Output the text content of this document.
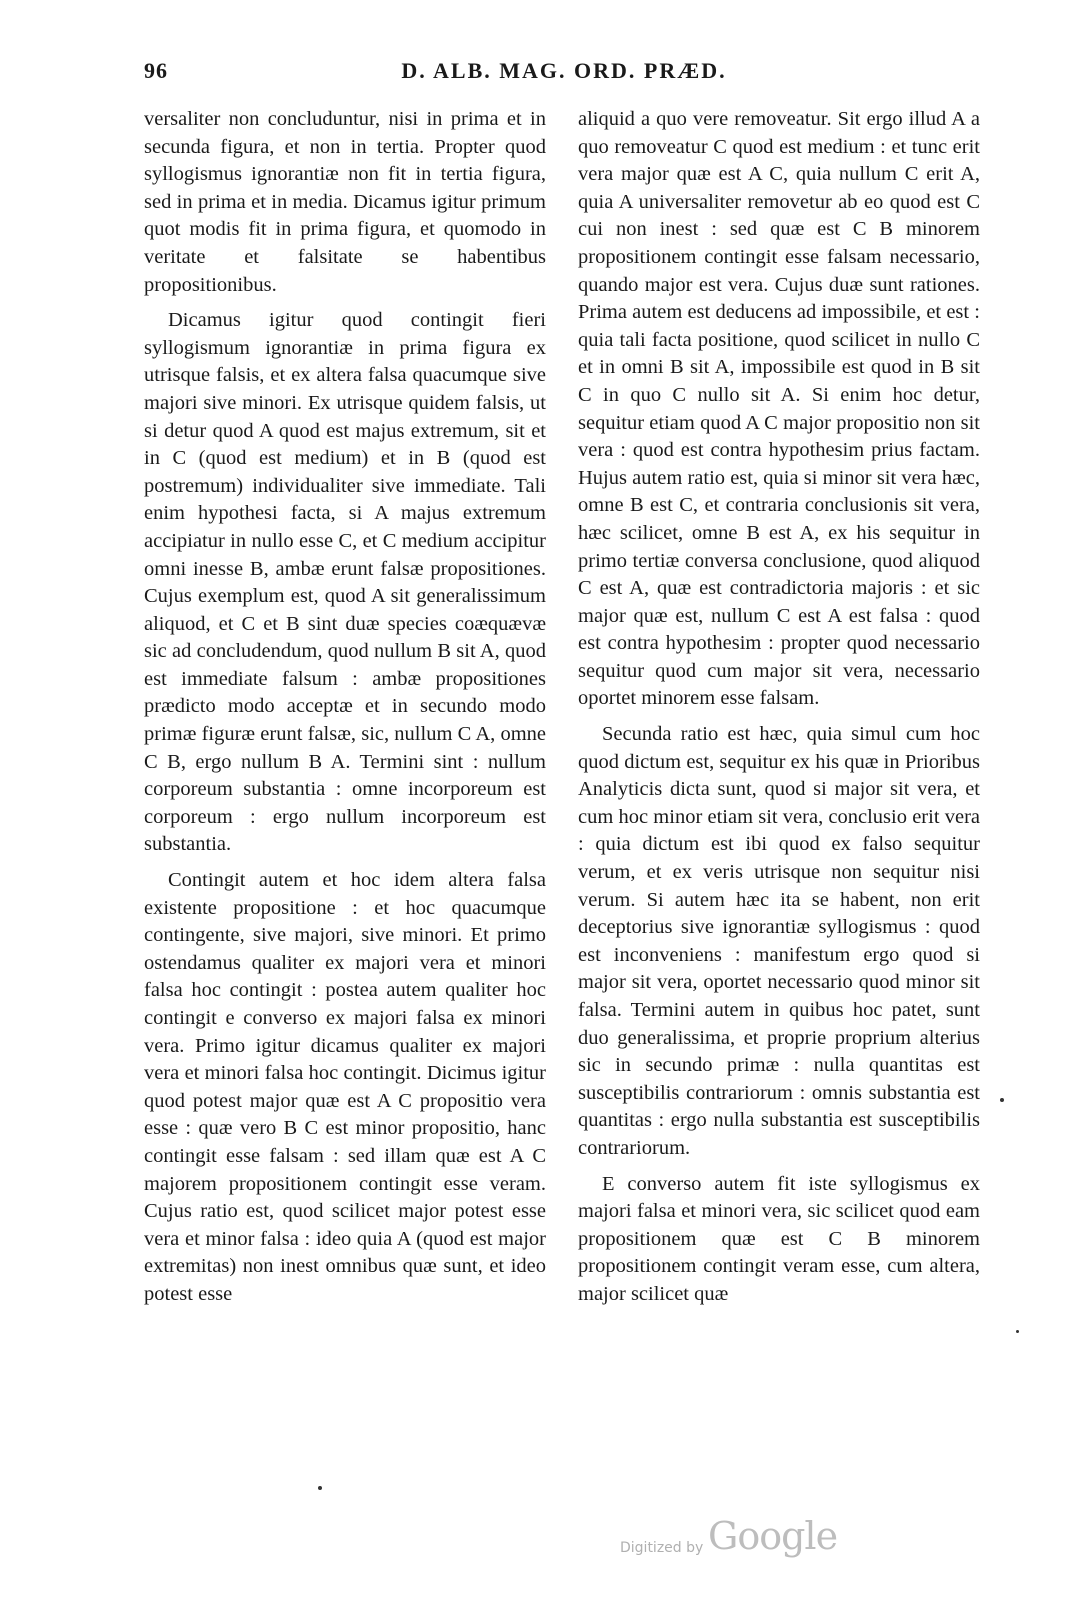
96	D. ALB. MAG. ORD. PRÆD.

versaliter non concluduntur, nisi in prima et in secunda figura, et non in tertia. Propter quod syllogismus ignorantiæ non fit in tertia figura, sed in prima et in media. Dicamus igitur primum quot modis fit in prima figura, et quomodo in veritate et falsitate se habentibus propositionibus.

Dicamus igitur quod contingit fieri syllogismum ignorantiæ in prima figura ex utrisque falsis, et ex altera falsa quacumque sive majori sive minori. Ex utrisque quidem falsis, ut si detur quod A quod est majus extremum, sit et in C (quod est medium) et in B (quod est postremum) individualiter sive immediate. Tali enim hypothesi facta, si A majus extremum accipiatur in nullo esse C, et C medium accipitur omni inesse B, ambæ erunt falsæ propositiones. Cujus exemplum est, quod A sit generalissimum aliquod, et C et B sint duæ species coæquævæ sic ad concludendum, quod nullum B sit A, quod est immediate falsum : ambæ propositiones prædicto modo acceptæ et in secundo modo primæ figuræ erunt falsæ, sic, nullum C A, omne C B, ergo nullum B A. Termini sint : nullum corporeum substantia : omne incorporeum est corporeum : ergo nullum incorporeum est substantia.

Contingit autem et hoc idem altera falsa existente propositione : et hoc quacumque contingente, sive majori, sive minori. Et primo ostendamus qualiter ex majori vera et minori falsa hoc contingit : postea autem qualiter hoc contingit e converso ex majori falsa ex minori vera. Primo igitur dicamus qualiter ex majori vera et minori falsa hoc contingit. Dicimus igitur quod potest major quæ est A C propositio vera esse : quæ vero B C est minor propositio, hanc contingit esse falsam : sed illam quæ est A C majorem propositionem contingit esse veram. Cujus ratio est, quod scilicet major potest esse vera et minor falsa : ideo quia A (quod est major extremitas) non inest omnibus quæ sunt, et ideo potest esse

aliquid a quo vere removeatur. Sit ergo illud A a quo removeatur C quod est medium : et tunc erit vera major quæ est A C, quia nullum C erit A, quia A universaliter removetur ab eo quod est C cui non inest : sed quæ est C B minorem propositionem contingit esse falsam necessario, quando major est vera. Cujus duæ sunt rationes. Prima autem est deducens ad impossibile, et est : quia tali facta positione, quod scilicet in nullo C et in omni B sit A, impossibile est quod in B sit C in quo C nullo sit A. Si enim hoc detur, sequitur etiam quod A C major propositio non sit vera : quod est contra hypothesim prius factam. Hujus autem ratio est, quia si minor sit vera hæc, omne B est C, et contraria conclusionis sit vera, hæc scilicet, omne B est A, ex his sequitur in primo tertiæ conversa conclusione, quod aliquod C est A, quæ est contradictoria majoris : et sic major quæ est, nullum C est A est falsa : quod est contra hypothesim : propter quod necessario sequitur quod cum major sit vera, necessario oportet minorem esse falsam.

Secunda ratio est hæc, quia simul cum hoc quod dictum est, sequitur ex his quæ in Prioribus Analyticis dicta sunt, quod si major sit vera, et cum hoc minor etiam sit vera, conclusio erit vera : quia dictum est ibi quod ex falso sequitur verum, et ex veris utrisque non sequitur nisi verum. Si autem hæc ita se habent, non erit deceptorius sive ignorantiæ syllogismus : quod est inconveniens : manifestum ergo quod si major sit vera, oportet necessario quod minor sit falsa. Termini autem in quibus hoc patet, sunt duo generalissima, et proprie proprium alterius sic in secundo primæ : nulla quantitas est susceptibilis contrariorum : omnis substantia est quantitas : ergo nulla substantia est susceptibilis contrariorum.

E converso autem fit iste syllogismus ex majori falsa et minori vera, sic scilicet quod eam propositionem quæ est C B minorem propositionem contingit veram esse, cum altera, major scilicet quæ

Digitized by Google
